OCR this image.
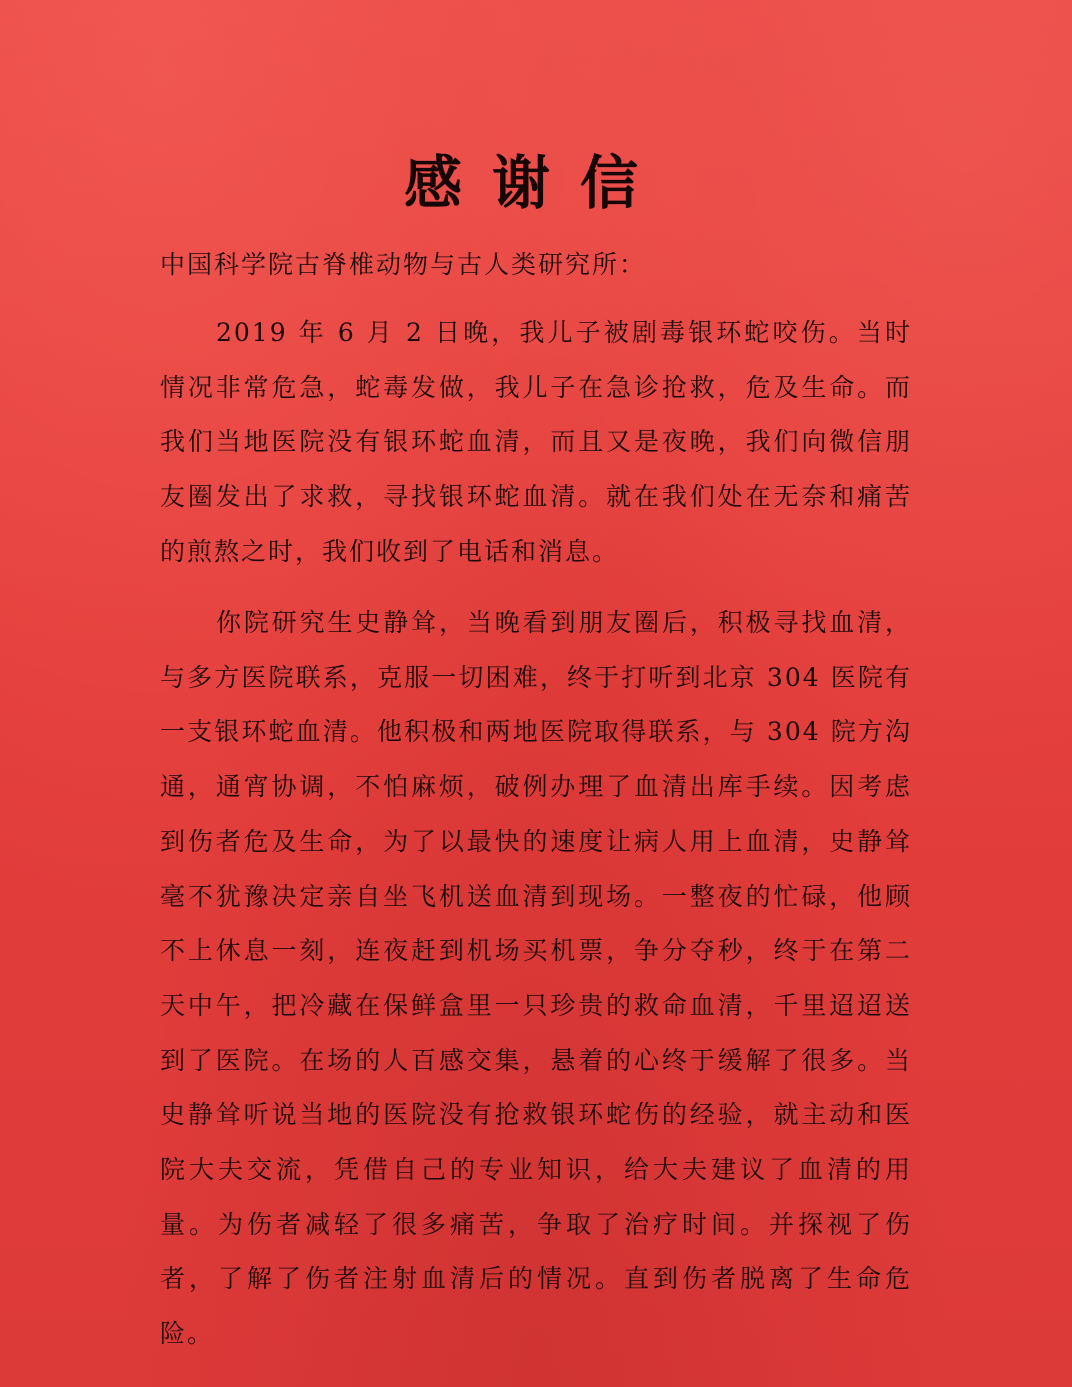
感谢信

中国科学院古脊椎动物与古人类研究所：

2019 年 6 月 2 日晚，我儿子被剧毒银环蛇咬伤。当时情况非常危急，蛇毒发做，我儿子在急诊抢救，危及生命。而我们当地医院没有银环蛇血清，而且又是夜晚，我们向微信朋友圈发出了求救，寻找银环蛇血清。就在我们处在无奈和痛苦的煎熬之时，我们收到了电话和消息。

你院研究生史静耸，当晚看到朋友圈后，积极寻找血清，与多方医院联系，克服一切困难，终于打听到北京 304 医院有一支银环蛇血清。他积极和两地医院取得联系，与 304 院方沟通，通宵协调，不怕麻烦，破例办理了血清出库手续。因考虑到伤者危及生命，为了以最快的速度让病人用上血清，史静耸毫不犹豫决定亲自坐飞机送血清到现场。一整夜的忙碌，他顾不上休息一刻，连夜赶到机场买机票，争分夺秒，终于在第二天中午，把冷藏在保鲜盒里一只珍贵的救命血清，千里迢迢送到了医院。在场的人百感交集，悬着的心终于缓解了很多。当史静耸听说当地的医院没有抢救银环蛇伤的经验，就主动和医院大夫交流，凭借自己的专业知识，给大夫建议了血清的用量。为伤者减轻了很多痛苦，争取了治疗时间。并探视了伤者，了解了伤者注射血清后的情况。直到伤者脱离了生命危险。
